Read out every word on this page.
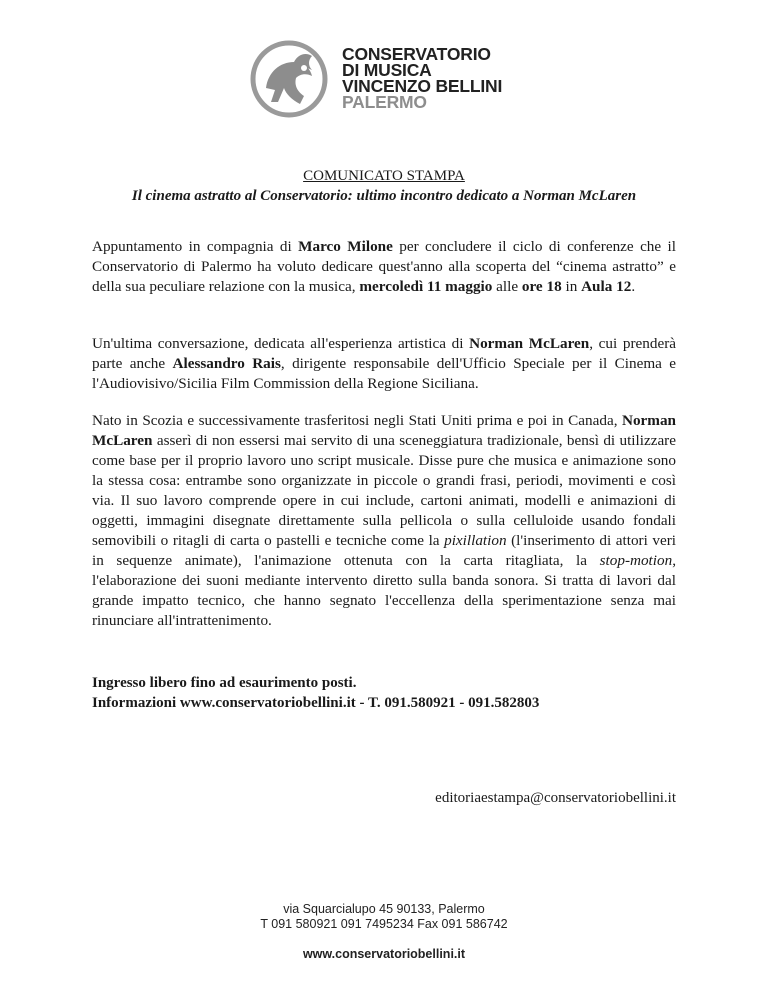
CONSERVATORIO
DI MUSICA
VINCENZO BELLINI
PALERMO
COMUNICATO STAMPA
Il cinema astratto al Conservatorio: ultimo incontro dedicato a Norman McLaren

Appuntamento in compagnia di Marco Milone per concludere il ciclo di conferenze che il Conservatorio di Palermo ha voluto dedicare quest'anno alla scoperta del “cinema astratto” e della sua peculiare relazione con la musica, mercoledì 11 maggio alle ore 18 in Aula 12.

Un'ultima conversazione, dedicata all'esperienza artistica di Norman McLaren, cui prenderà parte anche Alessandro Rais, dirigente responsabile dell'Ufficio Speciale per il Cinema e l'Audiovisivo/Sicilia Film Commission della Regione Siciliana.

Nato in Scozia e successivamente trasferitosi negli Stati Uniti prima e poi in Canada, Norman McLaren asserì di non essersi mai servito di una sceneggiatura tradizionale, bensì di utilizzare come base per il proprio lavoro uno script musicale. Disse pure che musica e animazione sono la stessa cosa: entrambe sono organizzate in piccole o grandi frasi, periodi, movimenti e così via. Il suo lavoro comprende opere in cui include, cartoni animati, modelli e animazioni di oggetti, immagini disegnate direttamente sulla pellicola o sulla celluloide usando fondali semovibili o ritagli di carta o pastelli e tecniche come la pixillation (l'inserimento di attori veri in sequenze animate), l'animazione ottenuta con la carta ritagliata, la stop-motion, l'elaborazione dei suoni mediante intervento diretto sulla banda sonora. Si tratta di lavori dal grande impatto tecnico, che hanno segnato l'eccellenza della sperimentazione senza mai rinunciare all'intrattenimento.

Ingresso libero fino ad esaurimento posti.
Informazioni www.conservatoriobellini.it - T. 091.580921 - 091.582803
editoriaestampa@conservatoriobellini.it
via Squarcialupo 45 90133, Palermo
T 091 580921 091 7495234 Fax 091 586742
www.conservatoriobellini.it
